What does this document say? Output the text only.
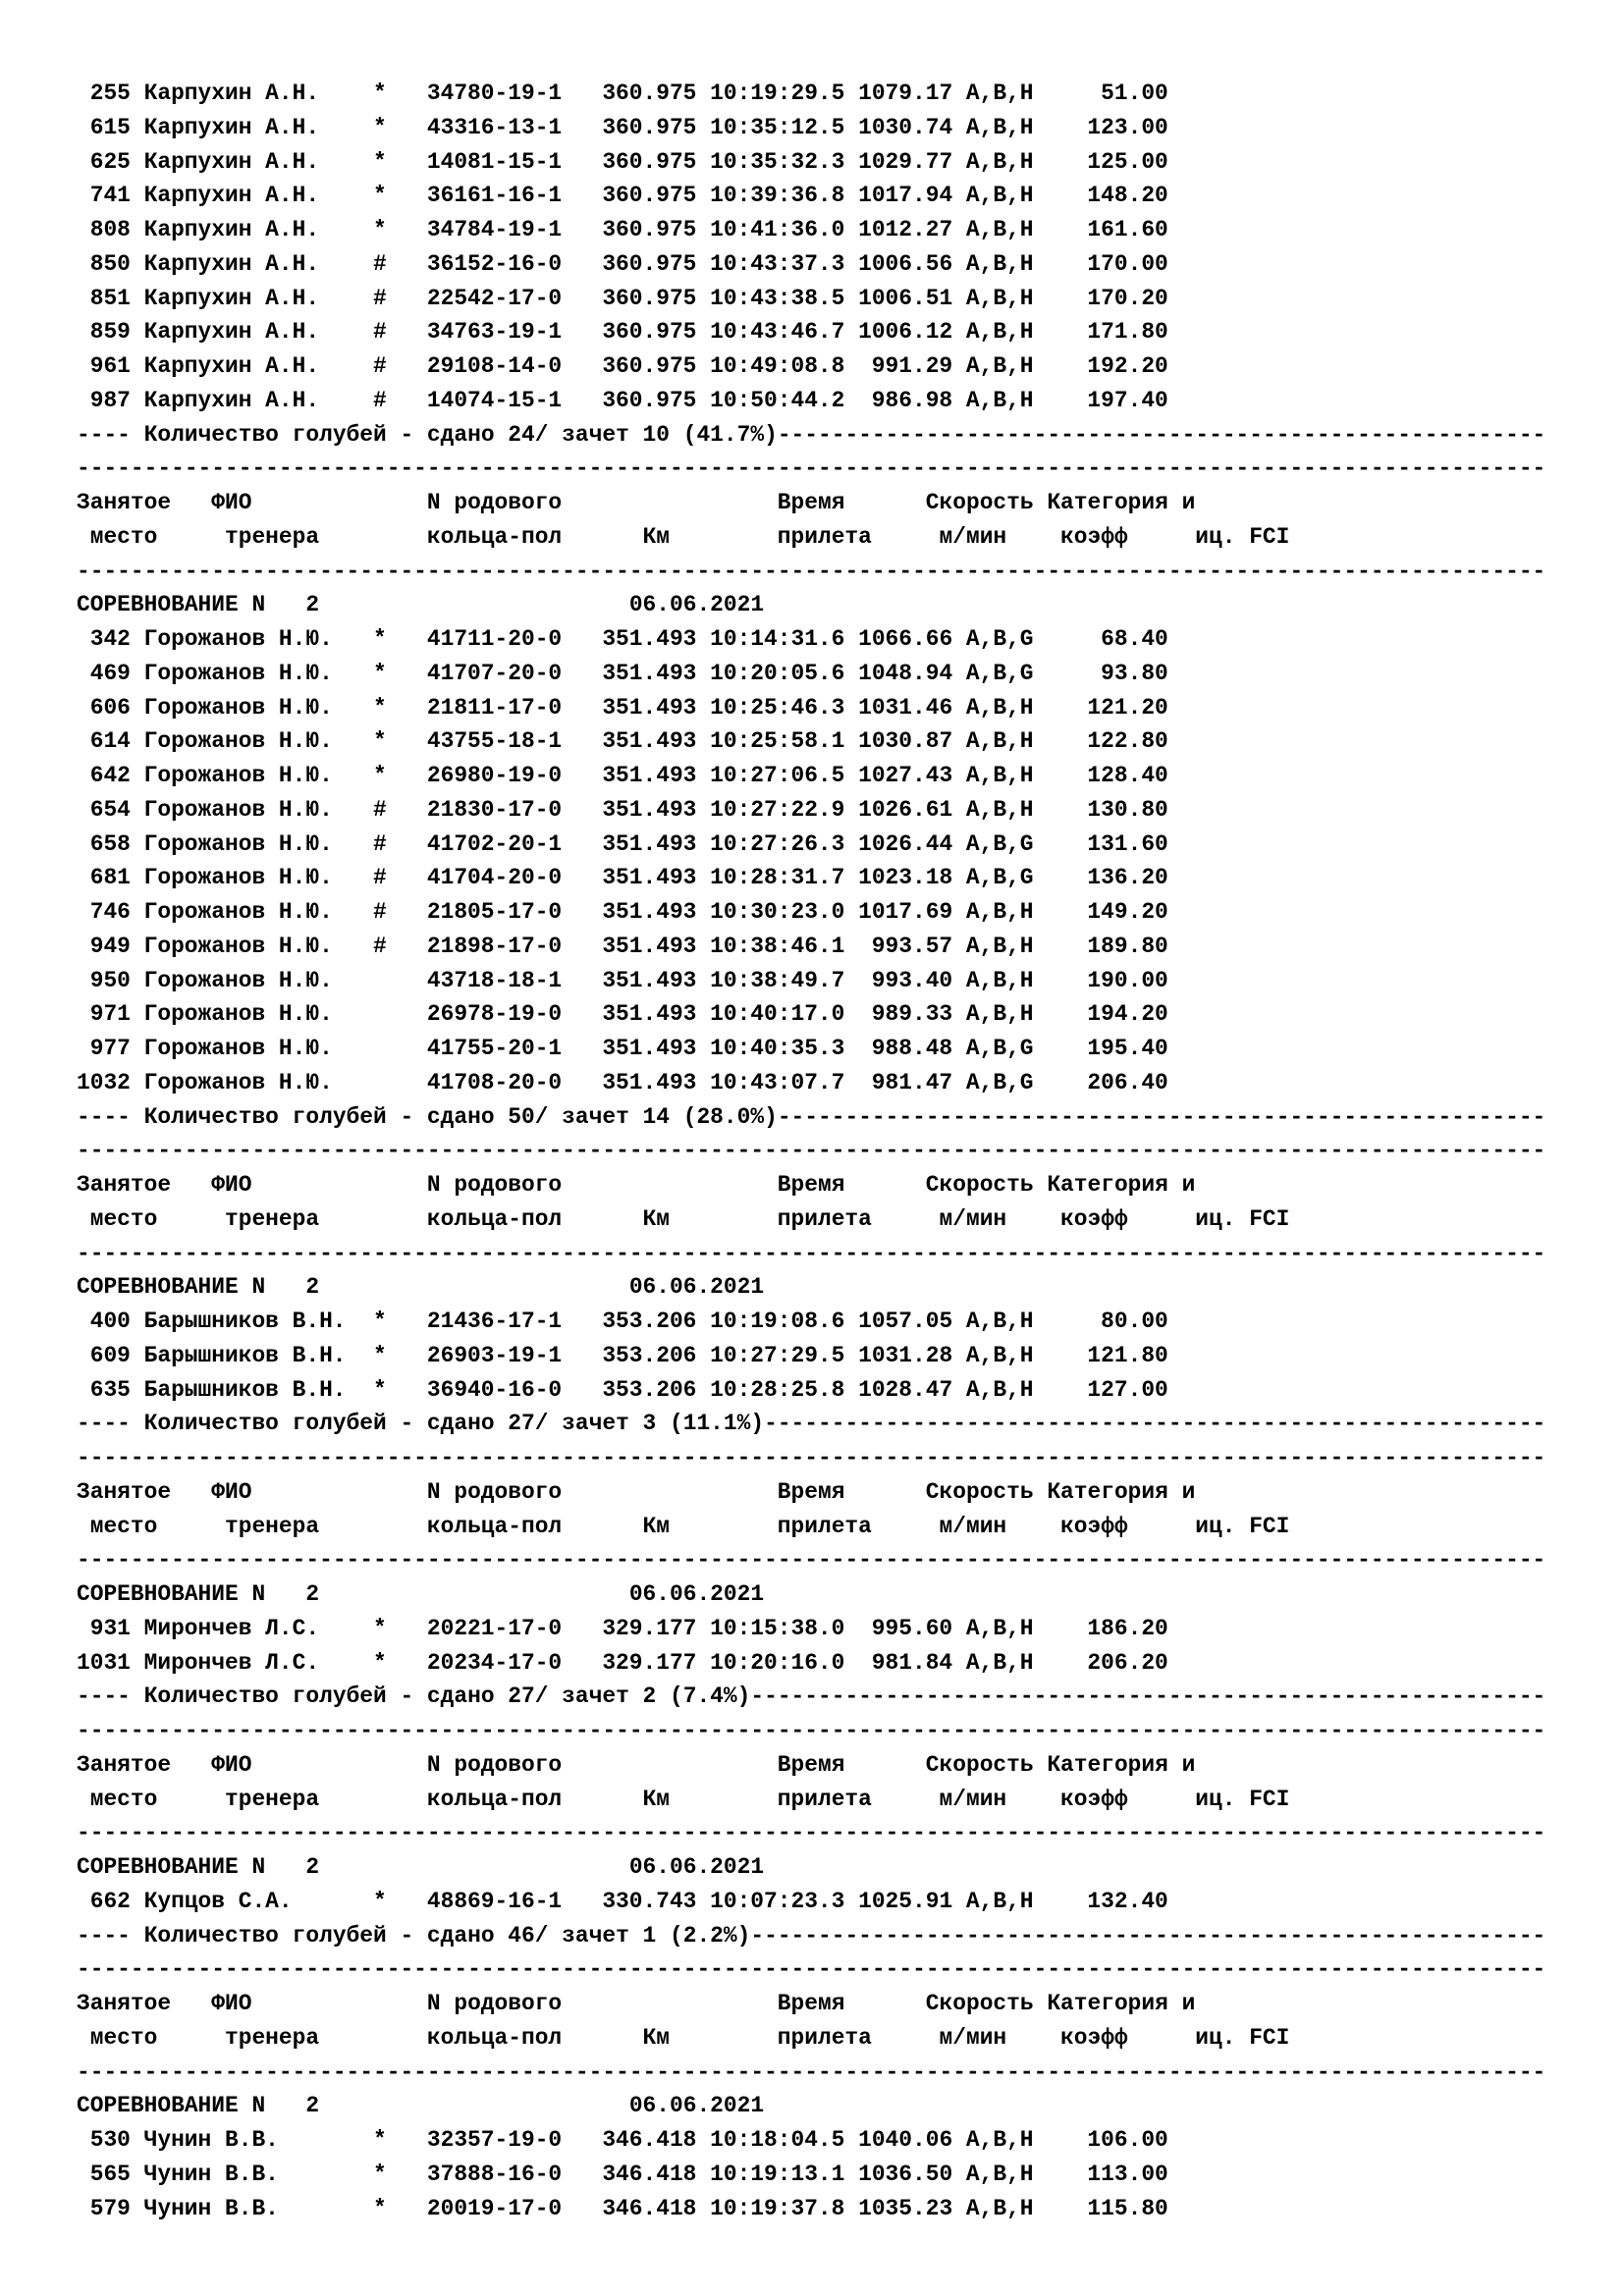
255 Карпухин А.Н. * 34780-19-1 360.975 10:19:29.5 1079.17 A,B,H	51.00
615 Карпухин А.Н. * 43316-13-1 360.975 10:35:12.5 1030.74 A,B,H 123.00
625 Карпухин А.Н. * 14081-15-1 360.975 10:35:32.3 1029.77 A,B,H 125.00
741 Карпухин А.Н. * 36161-16-1 360.975 10:39:36.8 1017.94 A,B,H 148.20
808 Карпухин А.Н. * 34784-19-1 360.975 10:41:36.0 1012.27 A,B,H 161.60
850 Карпухин А.Н. # 36152-16-0 360.975 10:43:37.3 1006.56 A,B,H 170.00
851 Карпухин А.Н. # 22542-17-0 360.975 10:43:38.5 1006.51 A,B,H 170.20
859 Карпухин А.Н. # 34763-19-1 360.975 10:43:46.7 1006.12 A,B,H 171.80
961 Карпухин А.Н. # 29108-14-0 360.975 10:49:08.8 991.29 A,B,H 192.20
987 Карпухин А.Н. # 14074-15-1 360.975 10:50:44.2 986.98 A,B,H 197.40
---- Количество голубей - сдано 24/ зачет 10 (41.7%)---------------------------------------------------------
-------------------------------------------------------------------------------------------------------------
Занятое ФИО	N родового	Время	Скорость Категория и
место тренера	кольца-пол	Км	прилета м/мин коэфф	иц. FCI
-------------------------------------------------------------------------------------------------------------
СОРЕВНОВАНИЕ N   2	06.06.2021
342 Горожанов Н.Ю. * 41711-20-0 351.493 10:14:31.6 1066.66 A,B,G	68.40
469 Горожанов Н.Ю. * 41707-20-0 351.493 10:20:05.6 1048.94 A,B,G	93.80
606 Горожанов Н.Ю. * 21811-17-0 351.493 10:25:46.3 1031.46 A,B,H 121.20
614 Горожанов Н.Ю. * 43755-18-1 351.493 10:25:58.1 1030.87 A,B,H 122.80
642 Горожанов Н.Ю. * 26980-19-0 351.493 10:27:06.5 1027.43 A,B,H 128.40
654 Горожанов Н.Ю. # 21830-17-0 351.493 10:27:22.9 1026.61 A,B,H 130.80
658 Горожанов Н.Ю. # 41702-20-1 351.493 10:27:26.3 1026.44 A,B,G 131.60
681 Горожанов Н.Ю. # 41704-20-0 351.493 10:28:31.7 1023.18 A,B,G 136.20
746 Горожанов Н.Ю. # 21805-17-0 351.493 10:30:23.0 1017.69 A,B,H 149.20
949 Горожанов Н.Ю. # 21898-17-0 351.493 10:38:46.1 993.57 A,B,H 189.80
950 Горожанов Н.Ю.	43718-18-1 351.493 10:38:49.7 993.40 A,B,H 190.00
971 Горожанов Н.Ю.	26978-19-0 351.493 10:40:17.0 989.33 A,B,H 194.20
977 Горожанов Н.Ю.	41755-20-1 351.493 10:40:35.3 988.48 A,B,G 195.40
1032 Горожанов Н.Ю.	41708-20-0 351.493 10:43:07.7 981.47 A,B,G 206.40
---- Количество голубей - сдано 50/ зачет 14 (28.0%)---------------------------------------------------------
-------------------------------------------------------------------------------------------------------------
Занятое ФИО	N родового	Время	Скорость Категория и
место тренера	кольца-пол	Км	прилета м/мин коэфф	иц. FCI
-------------------------------------------------------------------------------------------------------------
СОРЕВНОВАНИЕ N   2	06.06.2021
400 Барышников В.Н. * 21436-17-1 353.206 10:19:08.6 1057.05 A,B,H	80.00
609 Барышников В.Н. * 26903-19-1 353.206 10:27:29.5 1031.28 A,B,H 121.80
635 Барышников В.Н. * 36940-16-0 353.206 10:28:25.8 1028.47 A,B,H 127.00
---- Количество голубей - сдано 27/ зачет 3 (11.1%)----------------------------------------------------------
-------------------------------------------------------------------------------------------------------------
Занятое ФИО	N родового	Время	Скорость Категория и
место тренера	кольца-пол	Км	прилета м/мин коэфф	иц. FCI
-------------------------------------------------------------------------------------------------------------
СОРЕВНОВАНИЕ N   2	06.06.2021
931 Мирончев Л.С. * 20221-17-0 329.177 10:15:38.0 995.60 A,B,H 186.20
1031 Мирончев Л.С. * 20234-17-0 329.177 10:20:16.0 981.84 A,B,H 206.20
---- Количество голубей - сдано 27/ зачет 2 (7.4%)-----------------------------------------------------------
-------------------------------------------------------------------------------------------------------------
Занятое ФИО	N родового	Время	Скорость Категория и
место тренера	кольца-пол	Км	прилета м/мин коэфф	иц. FCI
-------------------------------------------------------------------------------------------------------------
СОРЕВНОВАНИЕ N   2	06.06.2021
662 Купцов С.А.	* 48869-16-1 330.743 10:07:23.3 1025.91 A,B,H 132.40
---- Количество голубей - сдано 46/ зачет 1 (2.2%)-----------------------------------------------------------
-------------------------------------------------------------------------------------------------------------
Занятое ФИО	N родового	Время	Скорость Категория и
место тренера	кольца-пол	Км	прилета м/мин коэфф	иц. FCI
-------------------------------------------------------------------------------------------------------------
СОРЕВНОВАНИЕ N   2	06.06.2021
530 Чунин В.В.	* 32357-19-0 346.418 10:18:04.5 1040.06 A,B,H 106.00
565 Чунин В.В.	* 37888-16-0 346.418 10:19:13.1 1036.50 A,B,H 113.00
579 Чунин В.В.	* 20019-17-0 346.418 10:19:37.8 1035.23 A,B,H 115.80
